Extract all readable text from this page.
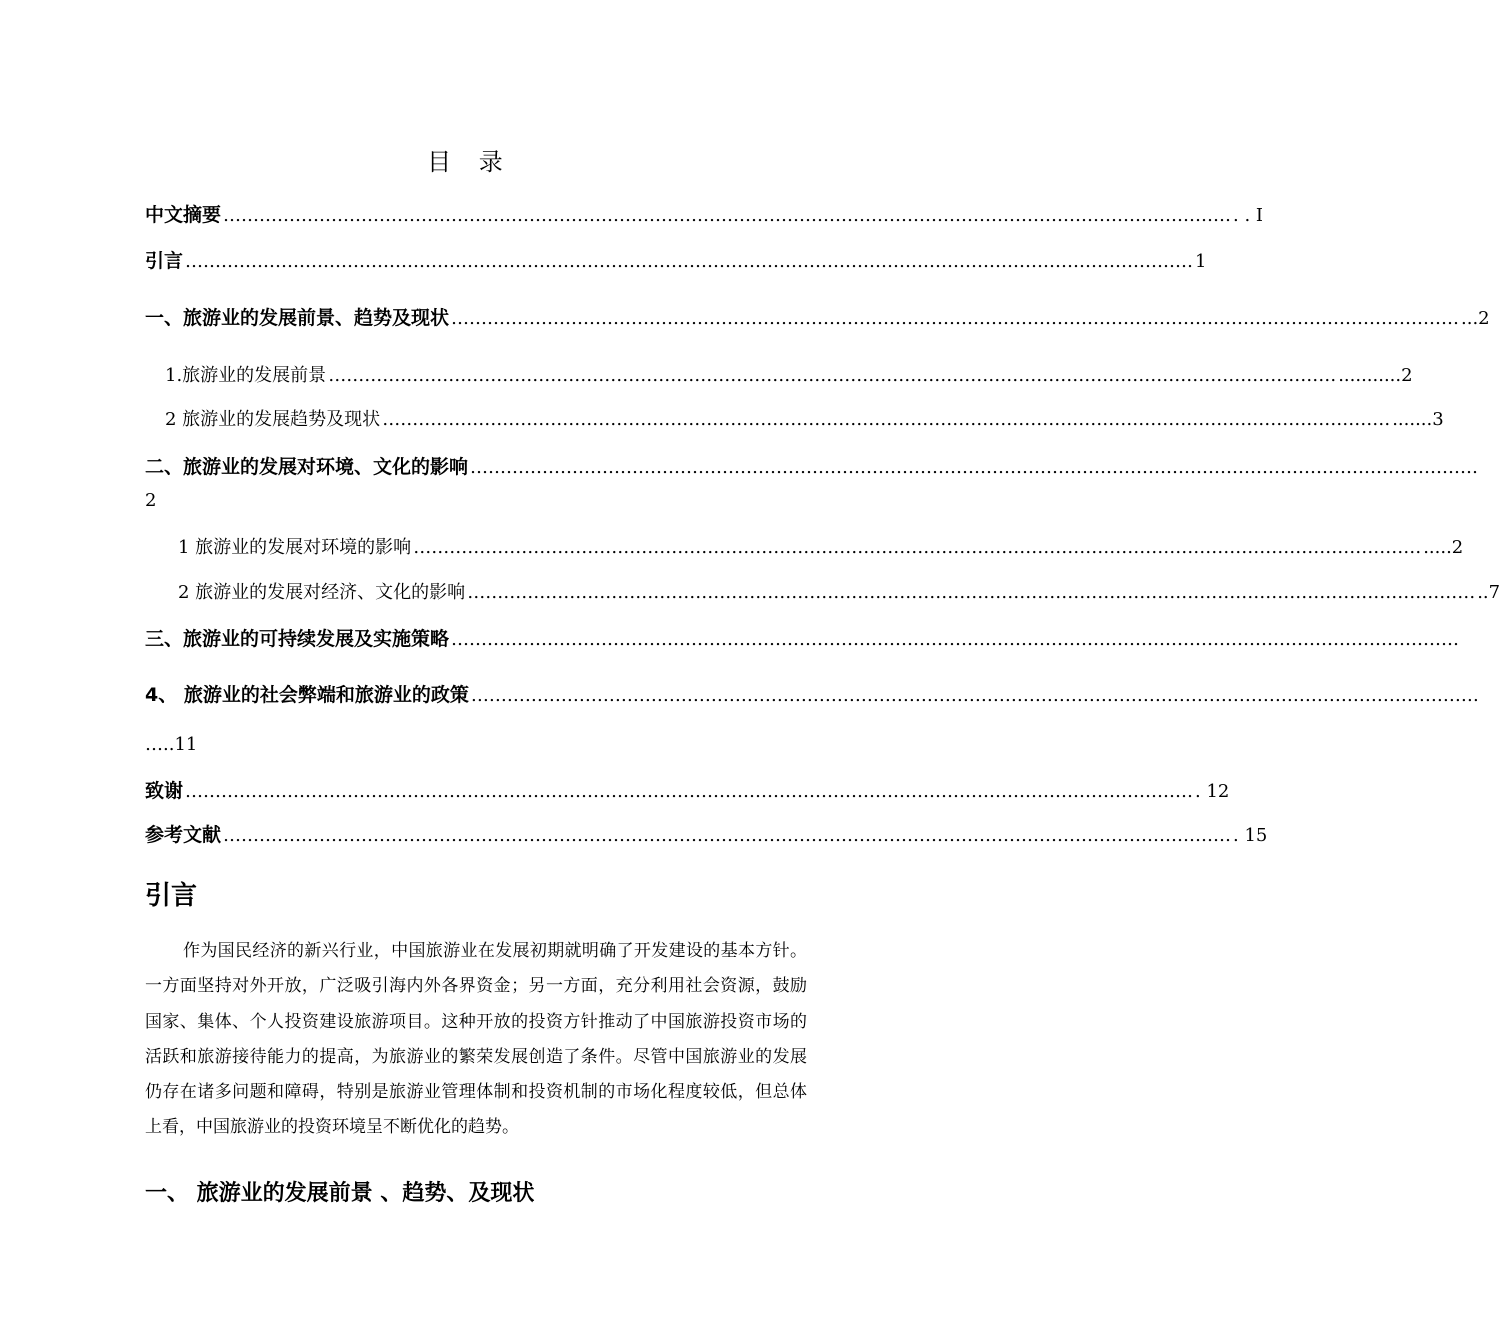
目 录
中文摘要 …………………………………………………………………………………………………………………………………………………… . . I
引言 …………………………………………………………………………………………………………………………………………………… 1
一、旅游业的发展前景、趋势及现状 …………………………………………………………………………………………………………………………………………………… ...2
1.旅游业的发展前景 …………………………………………………………………………………………………………………………………………………… ...........2
2 旅游业的发展趋势及现状 …………………………………………………………………………………………………………………………………………………… .......3
二、旅游业的发展对环境、文化的影响 ……………………………………………………………………………………………………………………………………………………
2
1 旅游业的发展对环境的影响 …………………………………………………………………………………………………………………………………………………… .....2
2 旅游业的发展对经济、文化的影响 …………………………………………………………………………………………………………………………………………………… ..7
三、旅游业的可持续发展及实施策略 ……………………………………………………………………………………………………………………………………………………
4、 旅游业的社会弊端和旅游业的政策 ……………………………………………………………………………………………………………………………………………………
…..11
致谢 …………………………………………………………………………………………………………………………………………………… . 12
参考文献 …………………………………………………………………………………………………………………………………………………… . 15
引言
作为国民经济的新兴行业，中国旅游业在发展初期就明确了开发建设的基本方针。一方面坚持对外开放，广泛吸引海内外各界资金；另一方面，充分利用社会资源，鼓励国家、集体、个人投资建设旅游项目。这种开放的投资方针推动了中国旅游投资市场的活跃和旅游接待能力的提高，为旅游业的繁荣发展创造了条件。尽管中国旅游业的发展仍存在诸多问题和障碍，特别是旅游业管理体制和投资机制的市场化程度较低，但总体上看，中国旅游业的投资环境呈不断优化的趋势。
一、 旅游业的发展前景 、趋势、及现状
